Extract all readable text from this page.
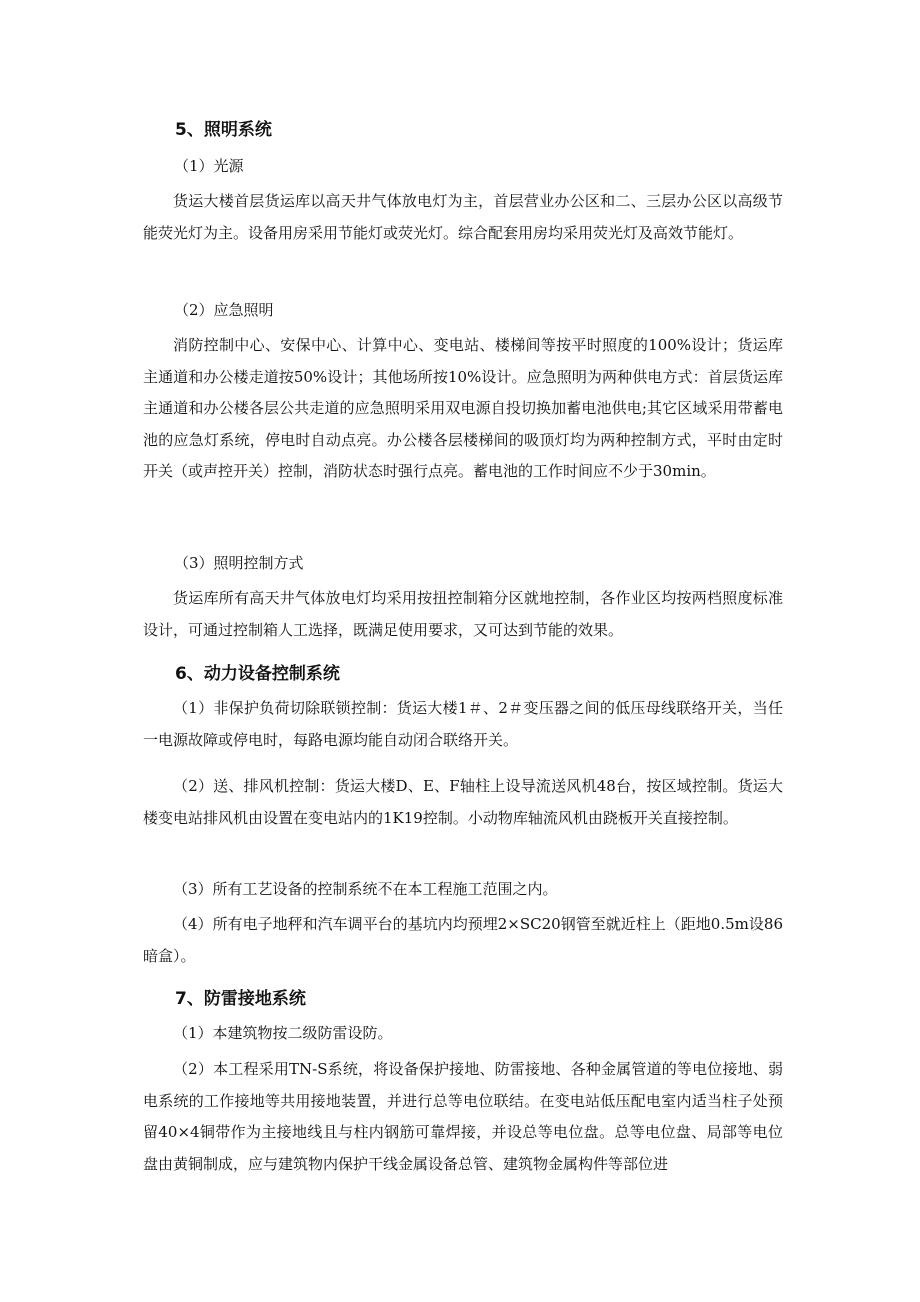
5、照明系统
（1）光源

货运大楼首层货运库以高天井气体放电灯为主，首层营业办公区和二、三层办公区以高级节能荧光灯为主。设备用房采用节能灯或荧光灯。综合配套用房均采用荧光灯及高效节能灯。

（2）应急照明

消防控制中心、安保中心、计算中心、变电站、楼梯间等按平时照度的100%设计；货运库主通道和办公楼走道按50%设计；其他场所按10%设计。应急照明为两种供电方式：首层货运库主通道和办公楼各层公共走道的应急照明采用双电源自投切换加蓄电池供电;其它区域采用带蓄电池的应急灯系统，停电时自动点亮。办公楼各层楼梯间的吸顶灯均为两种控制方式，平时由定时开关（或声控开关）控制，消防状态时强行点亮。蓄电池的工作时间应不少于30min。

（3）照明控制方式

货运库所有高天井气体放电灯均采用按扭控制箱分区就地控制，各作业区均按两档照度标准设计，可通过控制箱人工选择，既满足使用要求，又可达到节能的效果。

6、动力设备控制系统

（1）非保护负荷切除联锁控制：货运大楼1＃、2＃变压器之间的低压母线联络开关，当任一电源故障或停电时，每路电源均能自动闭合联络开关。

（2）送、排风机控制：货运大楼D、E、F轴柱上设导流送风机48台，按区域控制。货运大楼变电站排风机由设置在变电站内的1K19控制。小动物库轴流风机由跷板开关直接控制。

（3）所有工艺设备的控制系统不在本工程施工范围之内。

（4）所有电子地秤和汽车调平台的基坑内均预埋2×SC20钢管至就近柱上（距地0.5m设86暗盒）。

7、防雷接地系统

（1）本建筑物按二级防雷设防。

（2）本工程采用TN-S系统，将设备保护接地、防雷接地、各种金属管道的等电位接地、弱电系统的工作接地等共用接地装置，并进行总等电位联结。在变电站低压配电室内适当柱子处预留40×4铜带作为主接地线且与柱内钢筋可靠焊接，并设总等电位盘。总等电位盘、局部等电位盘由黄铜制成，应与建筑物内保护干线金属设备总管、建筑物金属构件等部位进
